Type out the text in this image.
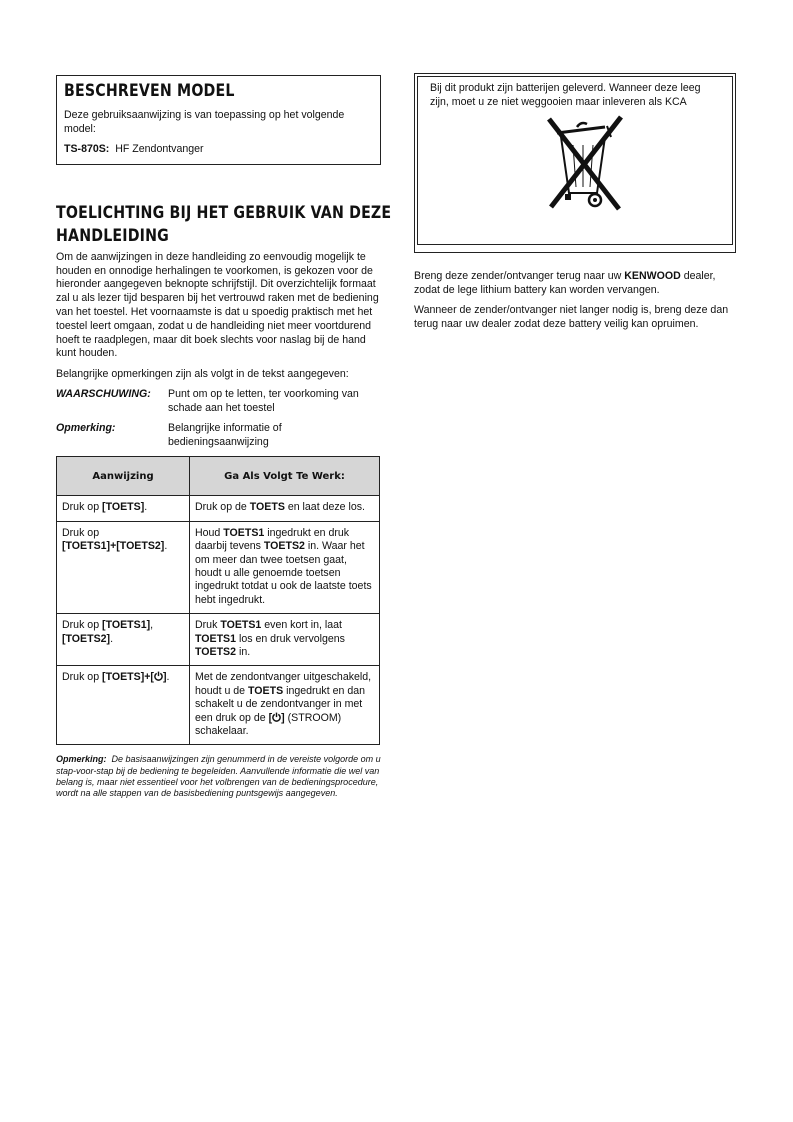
BESCHREVEN MODEL
Deze gebruiksaanwijzing is van toepassing op het volgende model:
TS-870S: HF Zendontvanger
TOELICHTING BIJ HET GEBRUIK VAN DEZE
HANDLEIDING
Om de aanwijzingen in deze handleiding zo eenvoudig mogelijk te houden en onnodige herhalingen te voorkomen, is gekozen voor de hieronder aangegeven beknopte schrijfstijl. Dit overzichtelijk formaat zal u als lezer tijd besparen bij het vertrouwd raken met de bediening van het toestel. Het voornaamste is dat u spoedig praktisch met het toestel leert omgaan, zodat u de handleiding niet meer voortdurend hoeft te raadplegen, maar dit boek slechts voor naslag bij de hand kunt houden.
Belangrijke opmerkingen zijn als volgt in de tekst aangegeven:
WAARSCHUWING:	Punt om op te letten, ter voorkoming van schade aan het toestel
Opmerking:	Belangrijke informatie of bedieningsaanwijzing
Aanwijzing	Ga Als Volgt Te Werk:
Druk op [TOETS].	Druk op de TOETS en laat deze los.
Druk op
[TOETS1]+[TOETS2].	Houd TOETS1 ingedrukt en druk daarbij tevens TOETS2 in. Waar het om meer dan twee toetsen gaat, houdt u alle genoemde toetsen ingedrukt totdat u ook de laatste toets hebt ingedrukt.
Druk op [TOETS1],
[TOETS2].	Druk TOETS1 even kort in, laat TOETS1 los en druk vervolgens TOETS2 in.
Druk op [TOETS]+[ ].	Met de zendontvanger uitgeschakeld, houdt u de TOETS ingedrukt en dan schakelt u de zendontvanger in met een druk op de [ ] (STROOM) schakelaar.
Opmerking: De basisaanwijzingen zijn genummerd in de vereiste volgorde om u stap-voor-stap bij de bediening te begeleiden. Aanvullende informatie die wel van belang is, maar niet essentieel voor het volbrengen van de bedieningsprocedure, wordt na alle stappen van de basisbediening puntsgewijs aangegeven.
Bij dit produkt zijn batterijen geleverd. Wanneer deze leeg zijn, moet u ze niet weggooien maar inleveren als KCA
Breng deze zender/ontvanger terug naar uw KENWOOD dealer, zodat de lege lithium battery kan worden vervangen.
Wanneer de zender/ontvanger niet langer nodig is, breng deze dan terug naar uw dealer zodat deze battery veilig kan opruimen.
